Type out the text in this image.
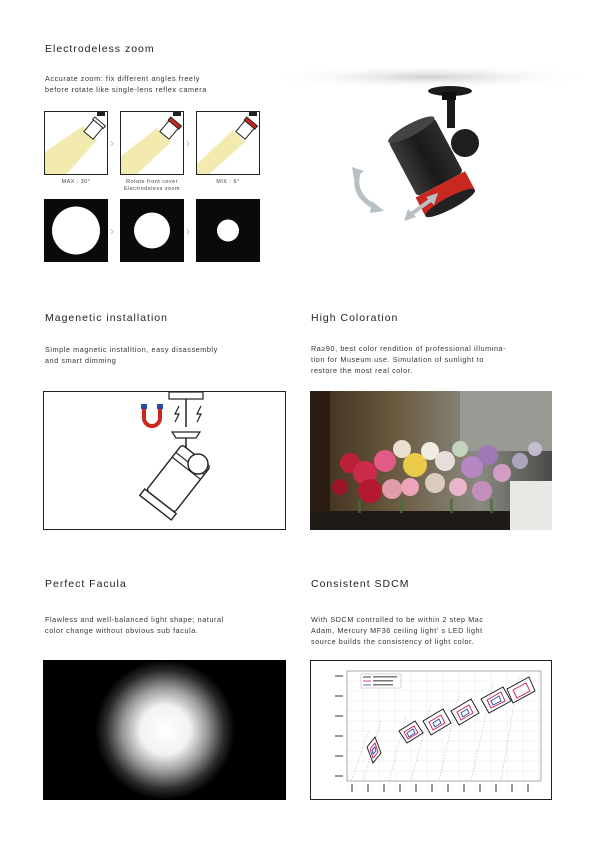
Electrodeless zoom
Accurate zoom: fix different angles freely
before rotate like single-lens reflex camera
›	›
MAX : 30°	Rotate front cover
Electrodeless zoom
MIX : 6°
›	›
Magenetic installation
Simple magnetic installtion, easy disassembly
and smart dimming
High Coloration
Ra≥90, best color rendition of professional illumina-
tion for Museum use. Simulation of sunlight to
restore the most real color.
Perfect Facula
Flawless and well-balanced light shape; natural
color change without obvious sub facula.
Consistent SDCM
With SDCM controlled to be within 2 step Mac
Adam, Mercury MF36 ceiling light’ s LED light
source builds the consistency of light color.
